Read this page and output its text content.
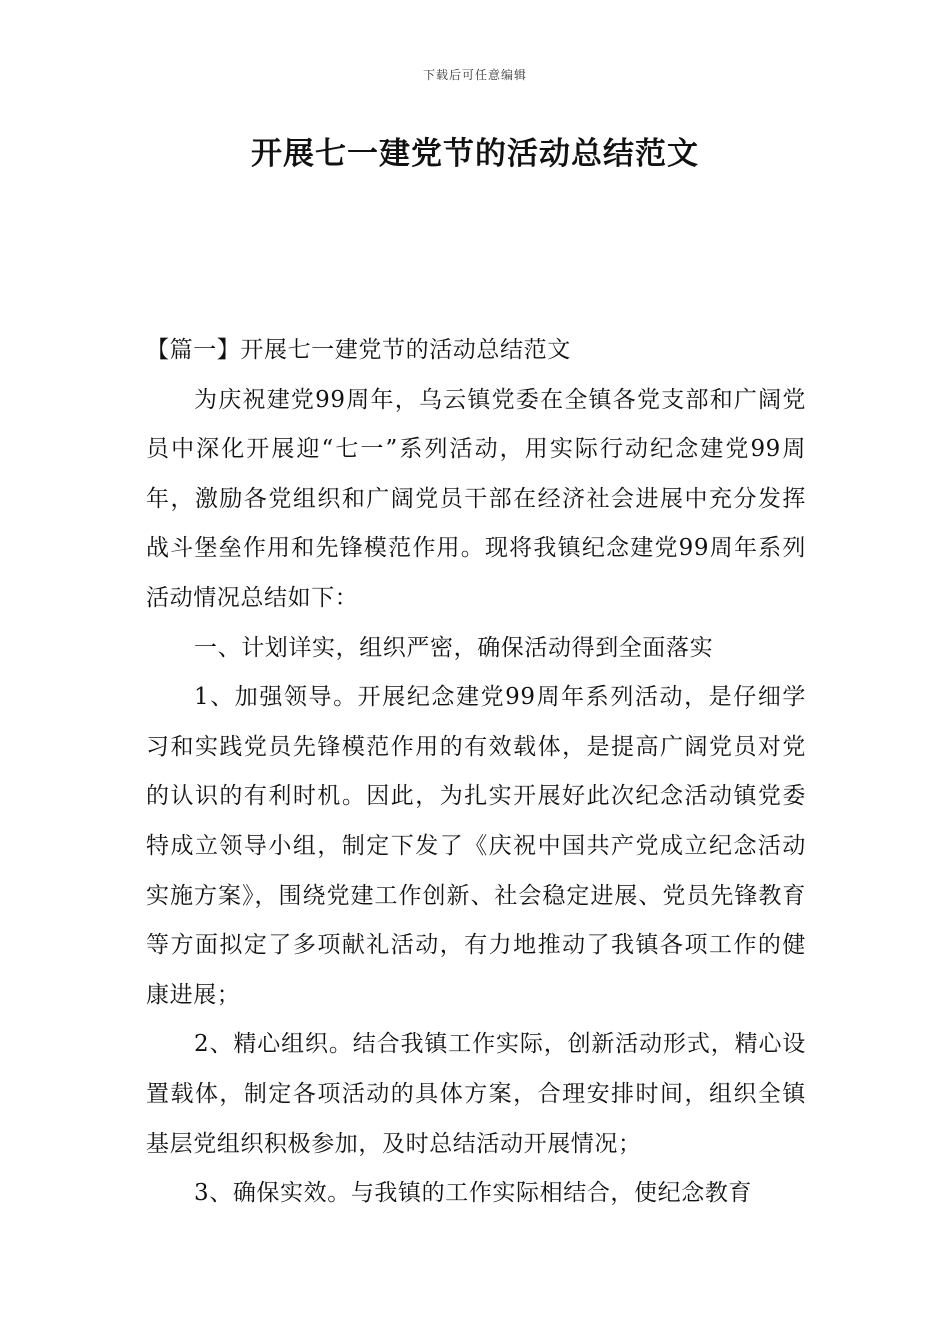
下载后可任意编辑
开展七一建党节的活动总结范文

【篇一】开展七一建党节的活动总结范文

为庆祝建党99周年，乌云镇党委在全镇各党支部和广阔党员中深化开展迎“七一”系列活动，用实际行动纪念建党99周年，激励各党组织和广阔党员干部在经济社会进展中充分发挥战斗堡垒作用和先锋模范作用。现将我镇纪念建党99周年系列活动情况总结如下：

一、计划详实，组织严密，确保活动得到全面落实

1、加强领导。开展纪念建党99周年系列活动，是仔细学习和实践党员先锋模范作用的有效载体，是提高广阔党员对党的认识的有利时机。因此，为扎实开展好此次纪念活动镇党委特成立领导小组，制定下发了《庆祝中国共产党成立纪念活动实施方案》，围绕党建工作创新、社会稳定进展、党员先锋教育等方面拟定了多项献礼活动，有力地推动了我镇各项工作的健康进展；

2、精心组织。结合我镇工作实际，创新活动形式，精心设置载体，制定各项活动的具体方案，合理安排时间，组织全镇基层党组织积极参加，及时总结活动开展情况；

3、确保实效。与我镇的工作实际相结合，使纪念教育
